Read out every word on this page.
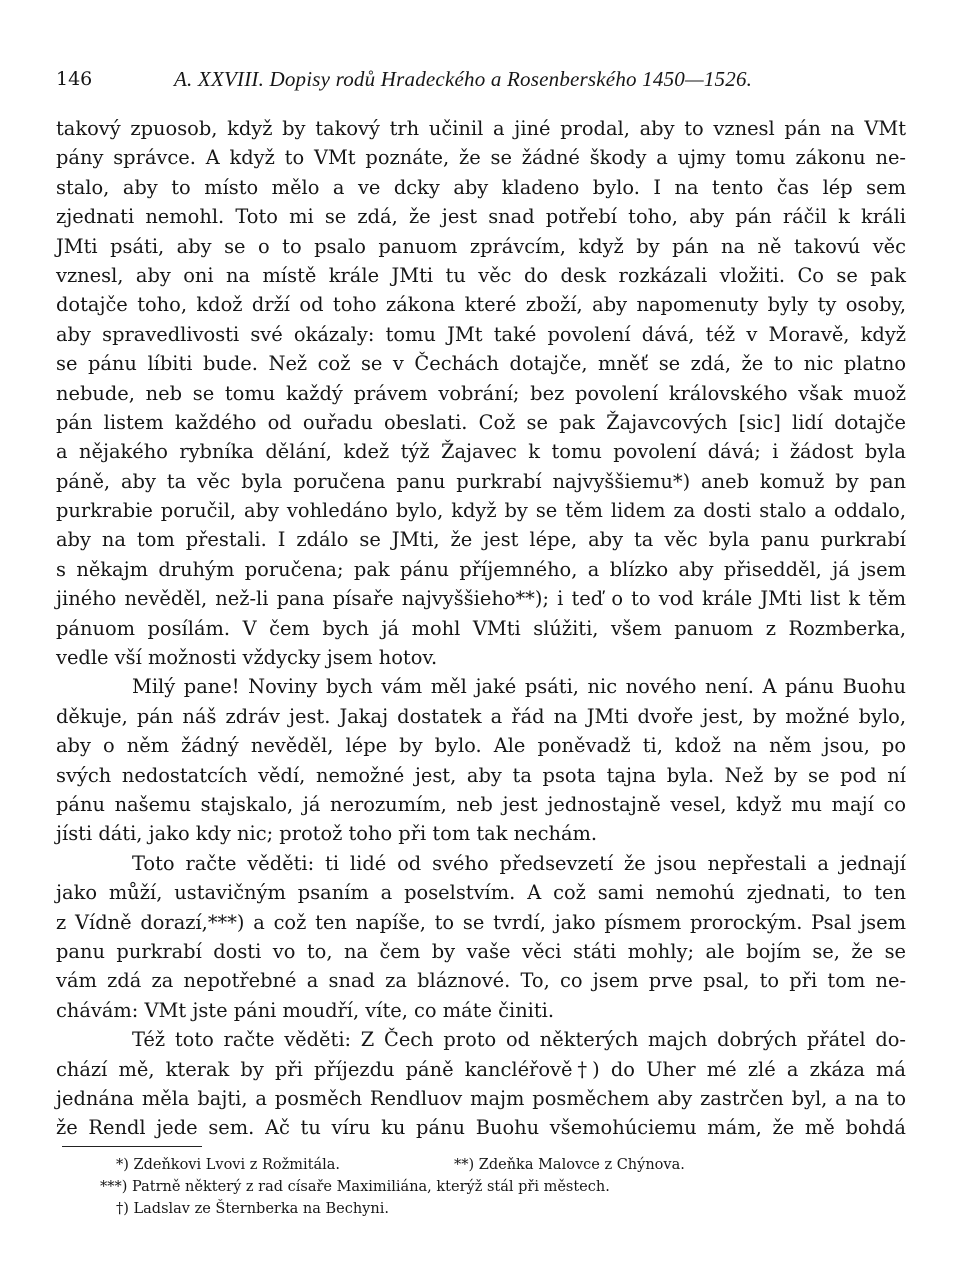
146	A. XXVIII. Dopisy rodů Hradeckého a Rosenberského 1450—1526.
takový zpuosob, když by takový trh učinil a jiné prodal, aby to vznesl pán na VMt
pány správce. A když to VMt poznáte, že se žádné škody a ujmy tomu zákonu ne-
stalo, aby to místo mělo a ve dcky aby kladeno bylo. I na tento čas lép sem
zjednati nemohl. Toto mi se zdá, že jest snad potřebí toho, aby pán ráčil k králi
JMti psáti, aby se o to psalo panuom zprávcím, když by pán na ně takovú věc
vznesl, aby oni na místě krále JMti tu věc do desk rozkázali vložiti. Co se pak
dotajče toho, kdož drží od toho zákona které zboží, aby napomenuty byly ty osoby,
aby spravedlivosti své okázaly: tomu JMt také povolení dává, též v Moravě, když
se pánu líbiti bude. Než což se v Čechách dotajče, mněť se zdá, že to nic platno
nebude, neb se tomu každý právem vobrání; bez povolení královského však muož
pán listem každého od ouřadu obeslati. Což se pak Žajavcových [sic] lidí dotajče
a nějakého rybníka dělání, kdež týž Žajavec k tomu povolení dává; i žádost byla
páně, aby ta věc byla poručena panu purkrabí najvyššiemu*) aneb komuž by pan
purkrabie poručil, aby vohledáno bylo, když by se těm lidem za dosti stalo a oddalo,
aby na tom přestali. I zdálo se JMti, že jest lépe, aby ta věc byla panu purkrabí
s někajm druhým poručena; pak pánu příjemného, a blízko aby přisedděl, já jsem
jiného nevěděl, než-li pana písaře najvyššieho**); i teď o to vod krále JMti list k těm
pánuom posílám. V čem bych já mohl VMti slúžiti, všem panuom z Rozmberka,
vedle vší možnosti vždycky jsem hotov.
Milý pane! Noviny bych vám měl jaké psáti, nic nového není. A pánu Buohu
děkuje, pán náš zdráv jest. Jakaj dostatek a řád na JMti dvoře jest, by možné bylo,
aby o něm žádný nevěděl, lépe by bylo. Ale poněvadž ti, kdož na něm jsou, po
svých nedostatcích vědí, nemožné jest, aby ta psota tajna byla. Než by se pod ní
pánu našemu stajskalo, já nerozumím, neb jest jednostajně vesel, když mu mají co
jísti dáti, jako kdy nic; protož toho při tom tak nechám.
Toto račte věděti: ti lidé od svého předsevzetí že jsou nepřestali a jednají
jako můží, ustavičným psaním a poselstvím. A což sami nemohú zjednati, to ten
z Vídně dorazí,***) a což ten napíše, to se tvrdí, jako písmem prorockým. Psal jsem
panu purkrabí dosti vo to, na čem by vaše věci státi mohly; ale bojím se, že se
vám zdá za nepotřebné a snad za bláznové. To, co jsem prve psal, to při tom ne-
chávám: VMt jste páni moudří, víte, co máte činiti.
Též toto račte věděti: Z Čech proto od některých majch dobrých přátel do-
chází mě, kterak by při příjezdu páně kancléřově†) do Uher mé zlé a zkáza má
jednána měla bajti, a posměch Rendluov majm posměchem aby zastrčen byl, a na to
že Rendl jede sem. Ač tu víru ku pánu Buohu všemohúciemu mám, že mě bohdá
*) Zdeňkovi Lvovi z Rožmitála.	**) Zdeňka Malovce z Chýnova.
***) Patrně některý z rad císaře Maximiliána, kterýž stál při městech.
†) Ladslav ze Šternberka na Bechyni.
